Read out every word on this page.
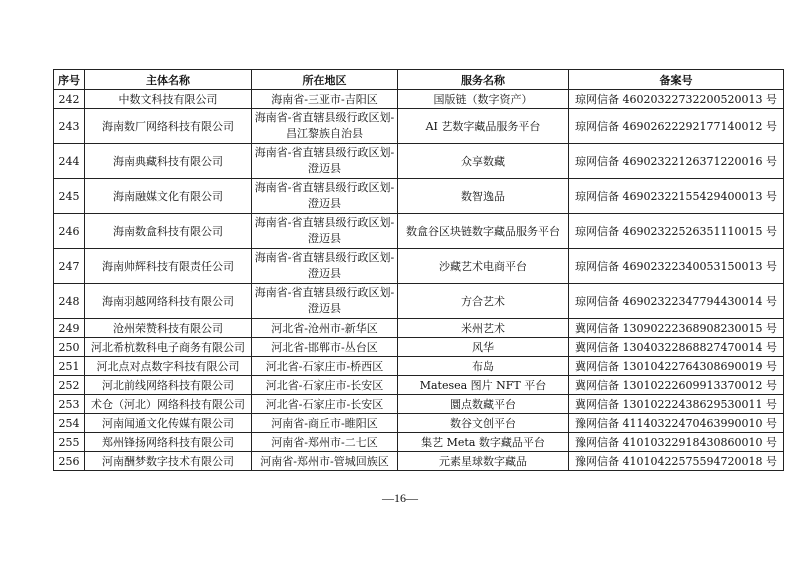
序号	主体名称	所在地区	服务名称	备案号
242	中数文科技有限公司	海南省-三亚市-吉阳区	国版链（数字资产）	琼网信备 46020322732200520013 号
243	海南数厂网络科技有限公司	海南省-省直辖县级行政区划-昌江黎族自治县	AI 艺数字藏品服务平台	琼网信备 46902622292177140012 号
244	海南典藏科技有限公司	海南省-省直辖县级行政区划-澄迈县	众享数藏	琼网信备 46902322126371220016 号
245	海南融媒文化有限公司	海南省-省直辖县级行政区划-澄迈县	数智逸品	琼网信备 46902322155429400013 号
246	海南数盒科技有限公司	海南省-省直辖县级行政区划-澄迈县	数盒谷区块链数字藏品服务平台	琼网信备 46902322526351110015 号
247	海南帅辉科技有限责任公司	海南省-省直辖县级行政区划-澄迈县	沙藏艺术电商平台	琼网信备 46902322340053150013 号
248	海南羽越网络科技有限公司	海南省-省直辖县级行政区划-澄迈县	方合艺术	琼网信备 46902322347794430014 号
249	沧州荣赞科技有限公司	河北省-沧州市-新华区	米州艺术	冀网信备 13090222368908230015 号
250	河北希杭数科电子商务有限公司	河北省-邯郸市-丛台区	风华	冀网信备 13040322868827470014 号
251	河北点对点数字科技有限公司	河北省-石家庄市-桥西区	布岛	冀网信备 13010422764308690019 号
252	河北前线网络科技有限公司	河北省-石家庄市-长安区	Matesea 图片 NFT 平台	冀网信备 13010222609913370012 号
253	术仓（河北）网络科技有限公司	河北省-石家庄市-长安区	圜点数藏平台	冀网信备 13010222438629530011 号
254	河南闻通文化传媒有限公司	河南省-商丘市-睢阳区	数谷文创平台	豫网信备 41140322470463990010 号
255	郑州锋扬网络科技有限公司	河南省-郑州市-二七区	集艺 Meta 数字藏品平台	豫网信备 41010322918430860010 号
256	河南酬梦数字技术有限公司	河南省-郑州市-管城回族区	元素星球数字藏品	豫网信备 41010422575594720018 号
—16—
